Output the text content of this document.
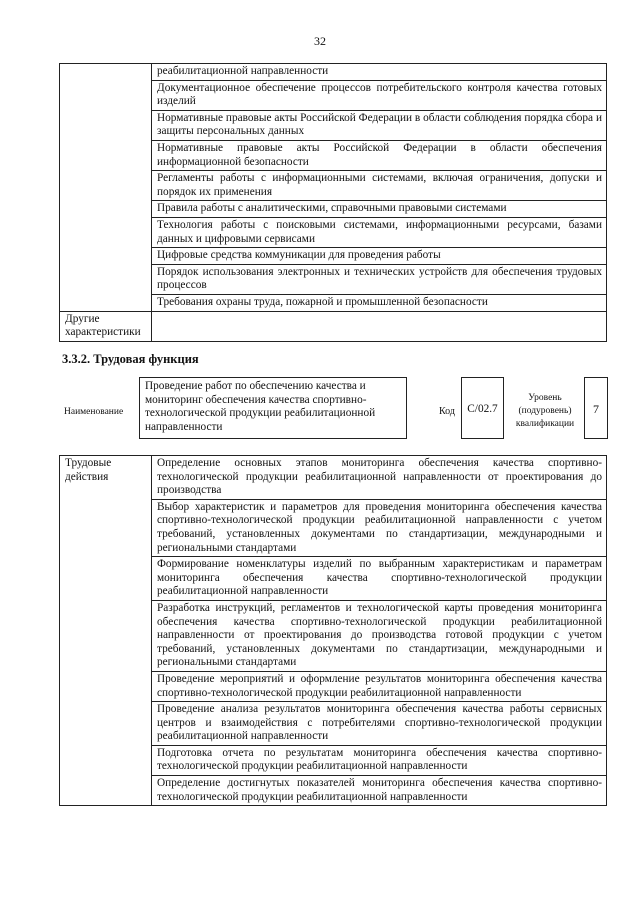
32
	реабилитационной направленности
	Документационное обеспечение процессов потребительского контроля качества готовых изделий
	Нормативные правовые акты Российской Федерации в области соблюдения порядка сбора и защиты персональных данных
	Нормативные правовые акты Российской Федерации в области обеспечения информационной безопасности
	Регламенты работы с информационными системами, включая ограничения, допуски и порядок их применения
	Правила работы с аналитическими, справочными правовыми системами
	Технология работы с поисковыми системами, информационными ресурсами, базами данных и цифровыми сервисами
	Цифровые средства коммуникации для проведения работы
	Порядок использования электронных и технических устройств для обеспечения трудовых процессов
	Требования охраны труда, пожарной и промышленной безопасности
Другие характеристики	
3.3.2. Трудовая функция
Наименование
Проведение работ по обеспечению качества и мониторинг обеспечения качества спортивно-технологической продукции реабилитационной направленности
Код	C/02.7
Уровень (подуровень) квалификации
7
Трудовые действия	Определение основных этапов мониторинга обеспечения качества спортивно-технологической продукции реабилитационной направленности от проектирования до производства
Выбор характеристик и параметров для проведения мониторинга обеспечения качества спортивно-технологической продукции реабилитационной направленности с учетом требований, установленных документами по стандартизации, международными и региональными стандартами
Формирование номенклатуры изделий по выбранным характеристикам и параметрам мониторинга обеспечения качества спортивно-технологической продукции реабилитационной направленности
Разработка инструкций, регламентов и технологической карты проведения мониторинга обеспечения качества спортивно-технологической продукции реабилитационной направленности от проектирования до производства готовой продукции с учетом требований, установленных документами по стандартизации, международными и региональными стандартами
Проведение мероприятий и оформление результатов мониторинга обеспечения качества спортивно-технологической продукции реабилитационной направленности
Проведение анализа результатов мониторинга обеспечения качества работы сервисных центров и взаимодействия с потребителями спортивно-технологической продукции реабилитационной направленности
Подготовка отчета по результатам мониторинга обеспечения качества спортивно-технологической продукции реабилитационной направленности
Определение достигнутых показателей мониторинга обеспечения качества спортивно-технологической продукции реабилитационной направленности
